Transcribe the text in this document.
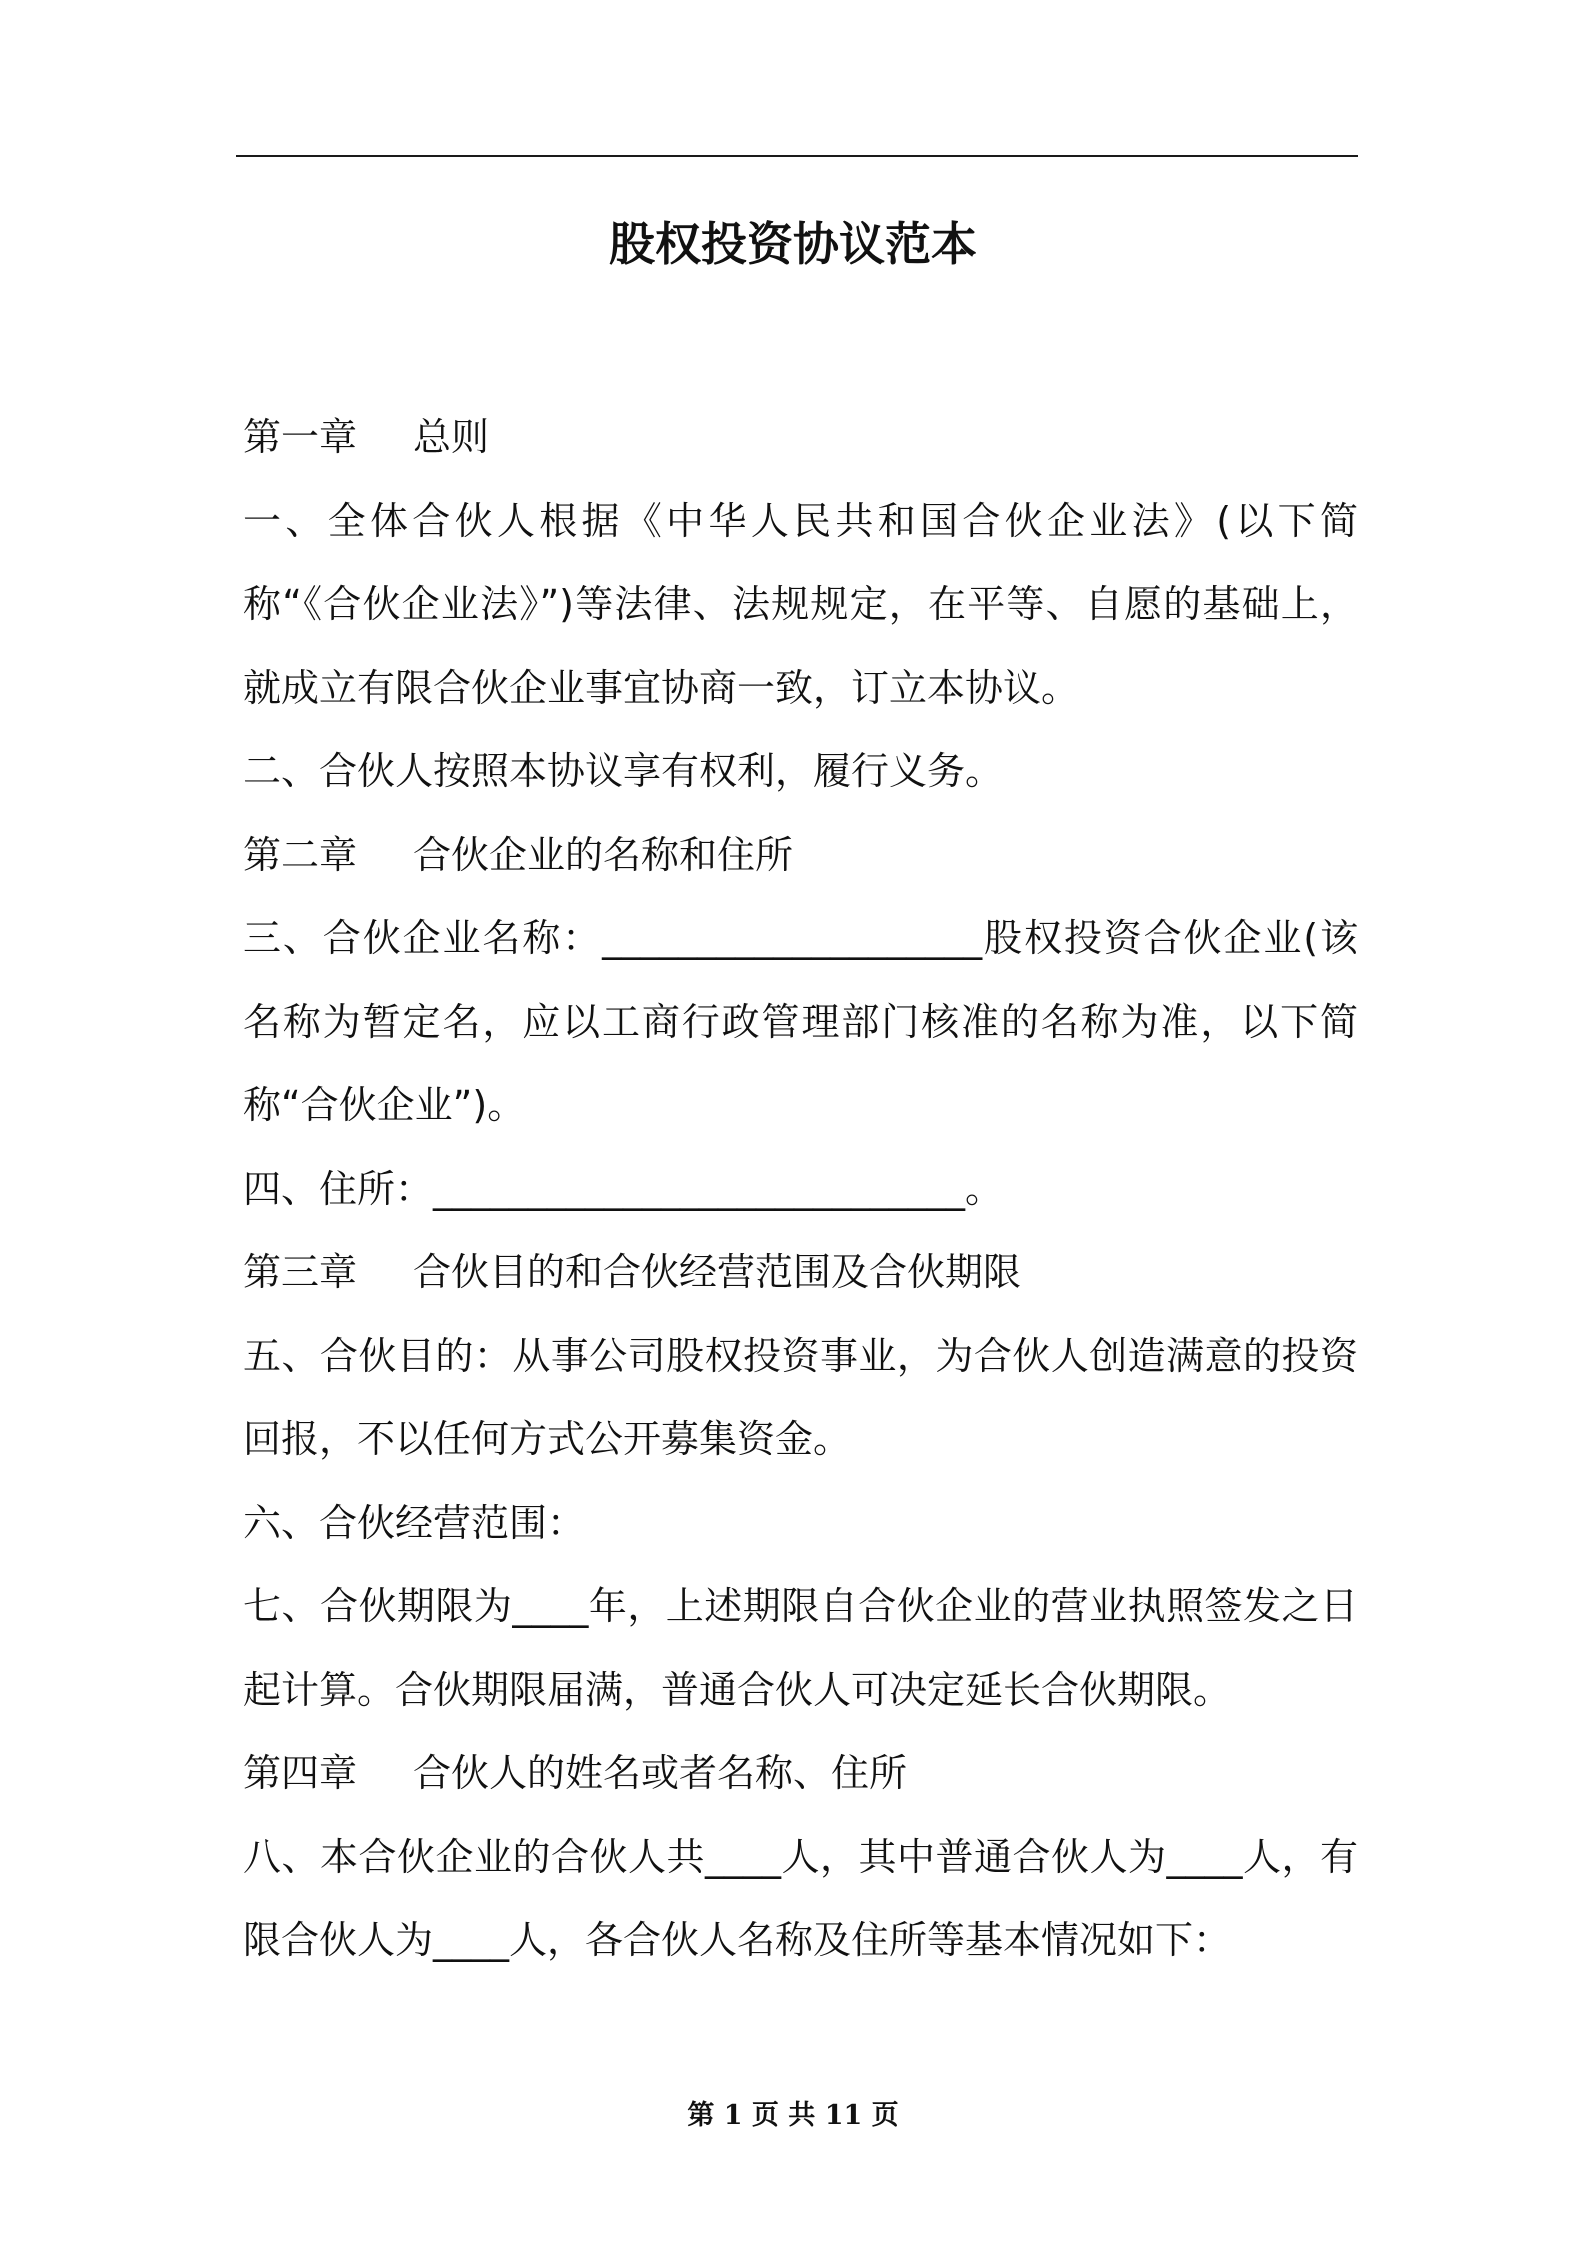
股权投资协议范本

第一章 总则

一、全体合伙人根据《中华人民共和国合伙企业法》(以下简称“《合伙企业法》”)等法律、法规规定，在平等、自愿的基础上，就成立有限合伙企业事宜协商一致，订立本协议。

二、合伙人按照本协议享有权利，履行义务。

第二章 合伙企业的名称和住所

三、合伙企业名称：____________________股权投资合伙企业(该名称为暂定名，应以工商行政管理部门核准的名称为准，以下简称“合伙企业”)。

四、住所：____________________________。

第三章 合伙目的和合伙经营范围及合伙期限

五、合伙目的：从事公司股权投资事业，为合伙人创造满意的投资回报，不以任何方式公开募集资金。

六、合伙经营范围：

七、合伙期限为____年，上述期限自合伙企业的营业执照签发之日起计算。合伙期限届满，普通合伙人可决定延长合伙期限。

第四章 合伙人的姓名或者名称、住所

八、本合伙企业的合伙人共____人，其中普通合伙人为____人，有限合伙人为____人，各合伙人名称及住所等基本情况如下：

第 1 页 共 11 页
